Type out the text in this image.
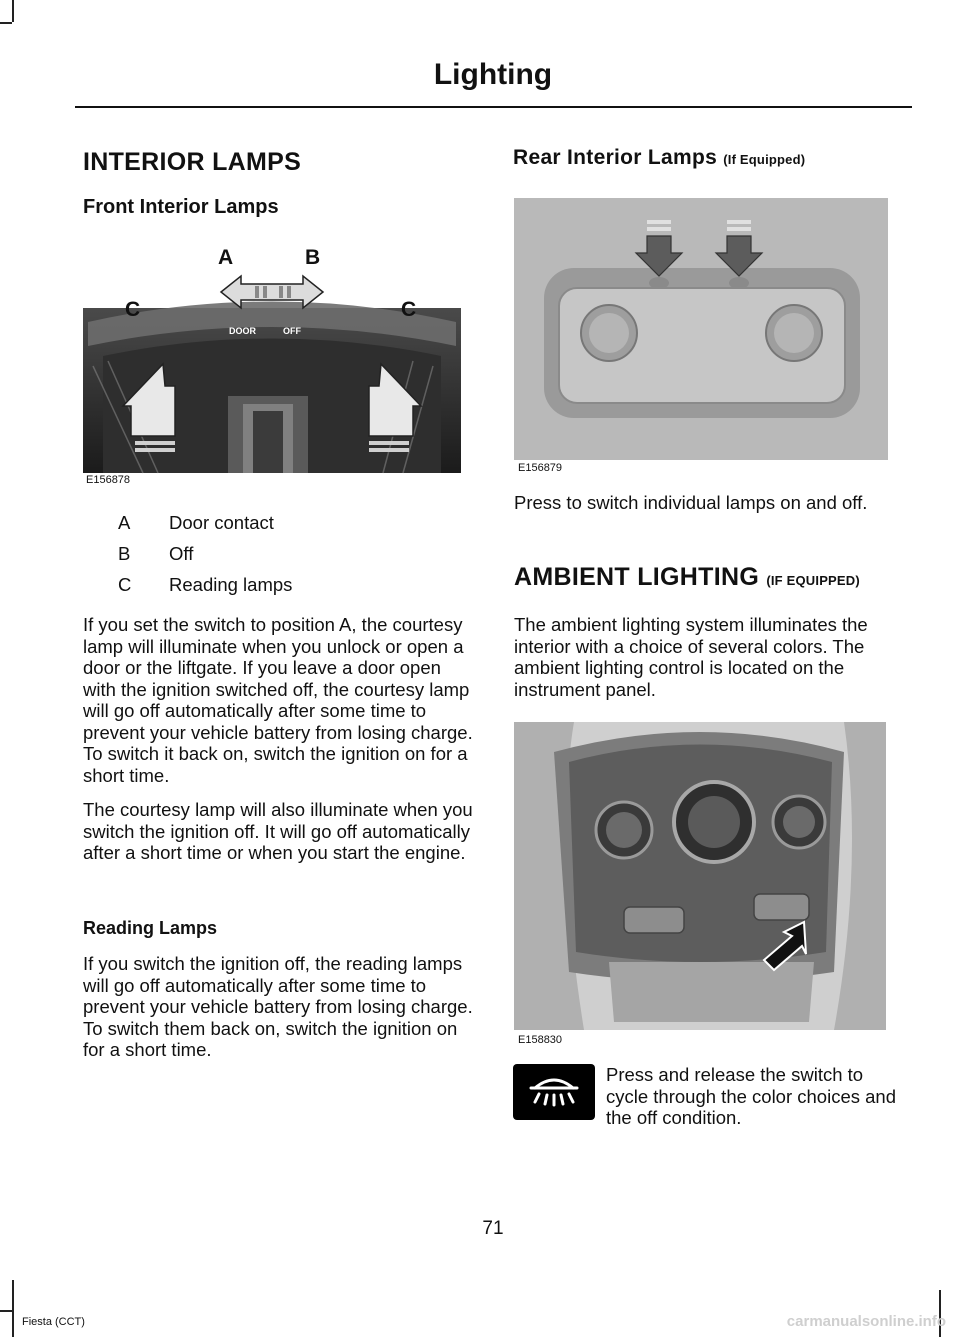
Lighting
INTERIOR LAMPS
Front Interior Lamps
DOOR	OFF
A	B
C	C
E156878
A	Door contact
B	Off
C	Reading lamps

If you set the switch to position A, the courtesy lamp will illuminate when you unlock or open a door or the liftgate. If you leave a door open with the ignition switched off, the courtesy lamp will go off automatically after some time to prevent your vehicle battery from losing charge. To switch it back on, switch the ignition on for a short time.

The courtesy lamp will also illuminate when you switch the ignition off. It will go off automatically after a short time or when you start the engine.

Reading Lamps
If you switch the ignition off, the reading lamps will go off automatically after some time to prevent your vehicle battery from losing charge. To switch them back on, switch the ignition on for a short time.
Rear Interior Lamps (If Equipped)
E156879
Press to switch individual lamps on and off.
AMBIENT LIGHTING (IF EQUIPPED)
The ambient lighting system illuminates the interior with a choice of several colors. The ambient lighting control is located on the instrument panel.
E158830
Press and release the switch to cycle through the color choices and the off condition.
71
Fiesta (CCT)	carmanualsonline.info
